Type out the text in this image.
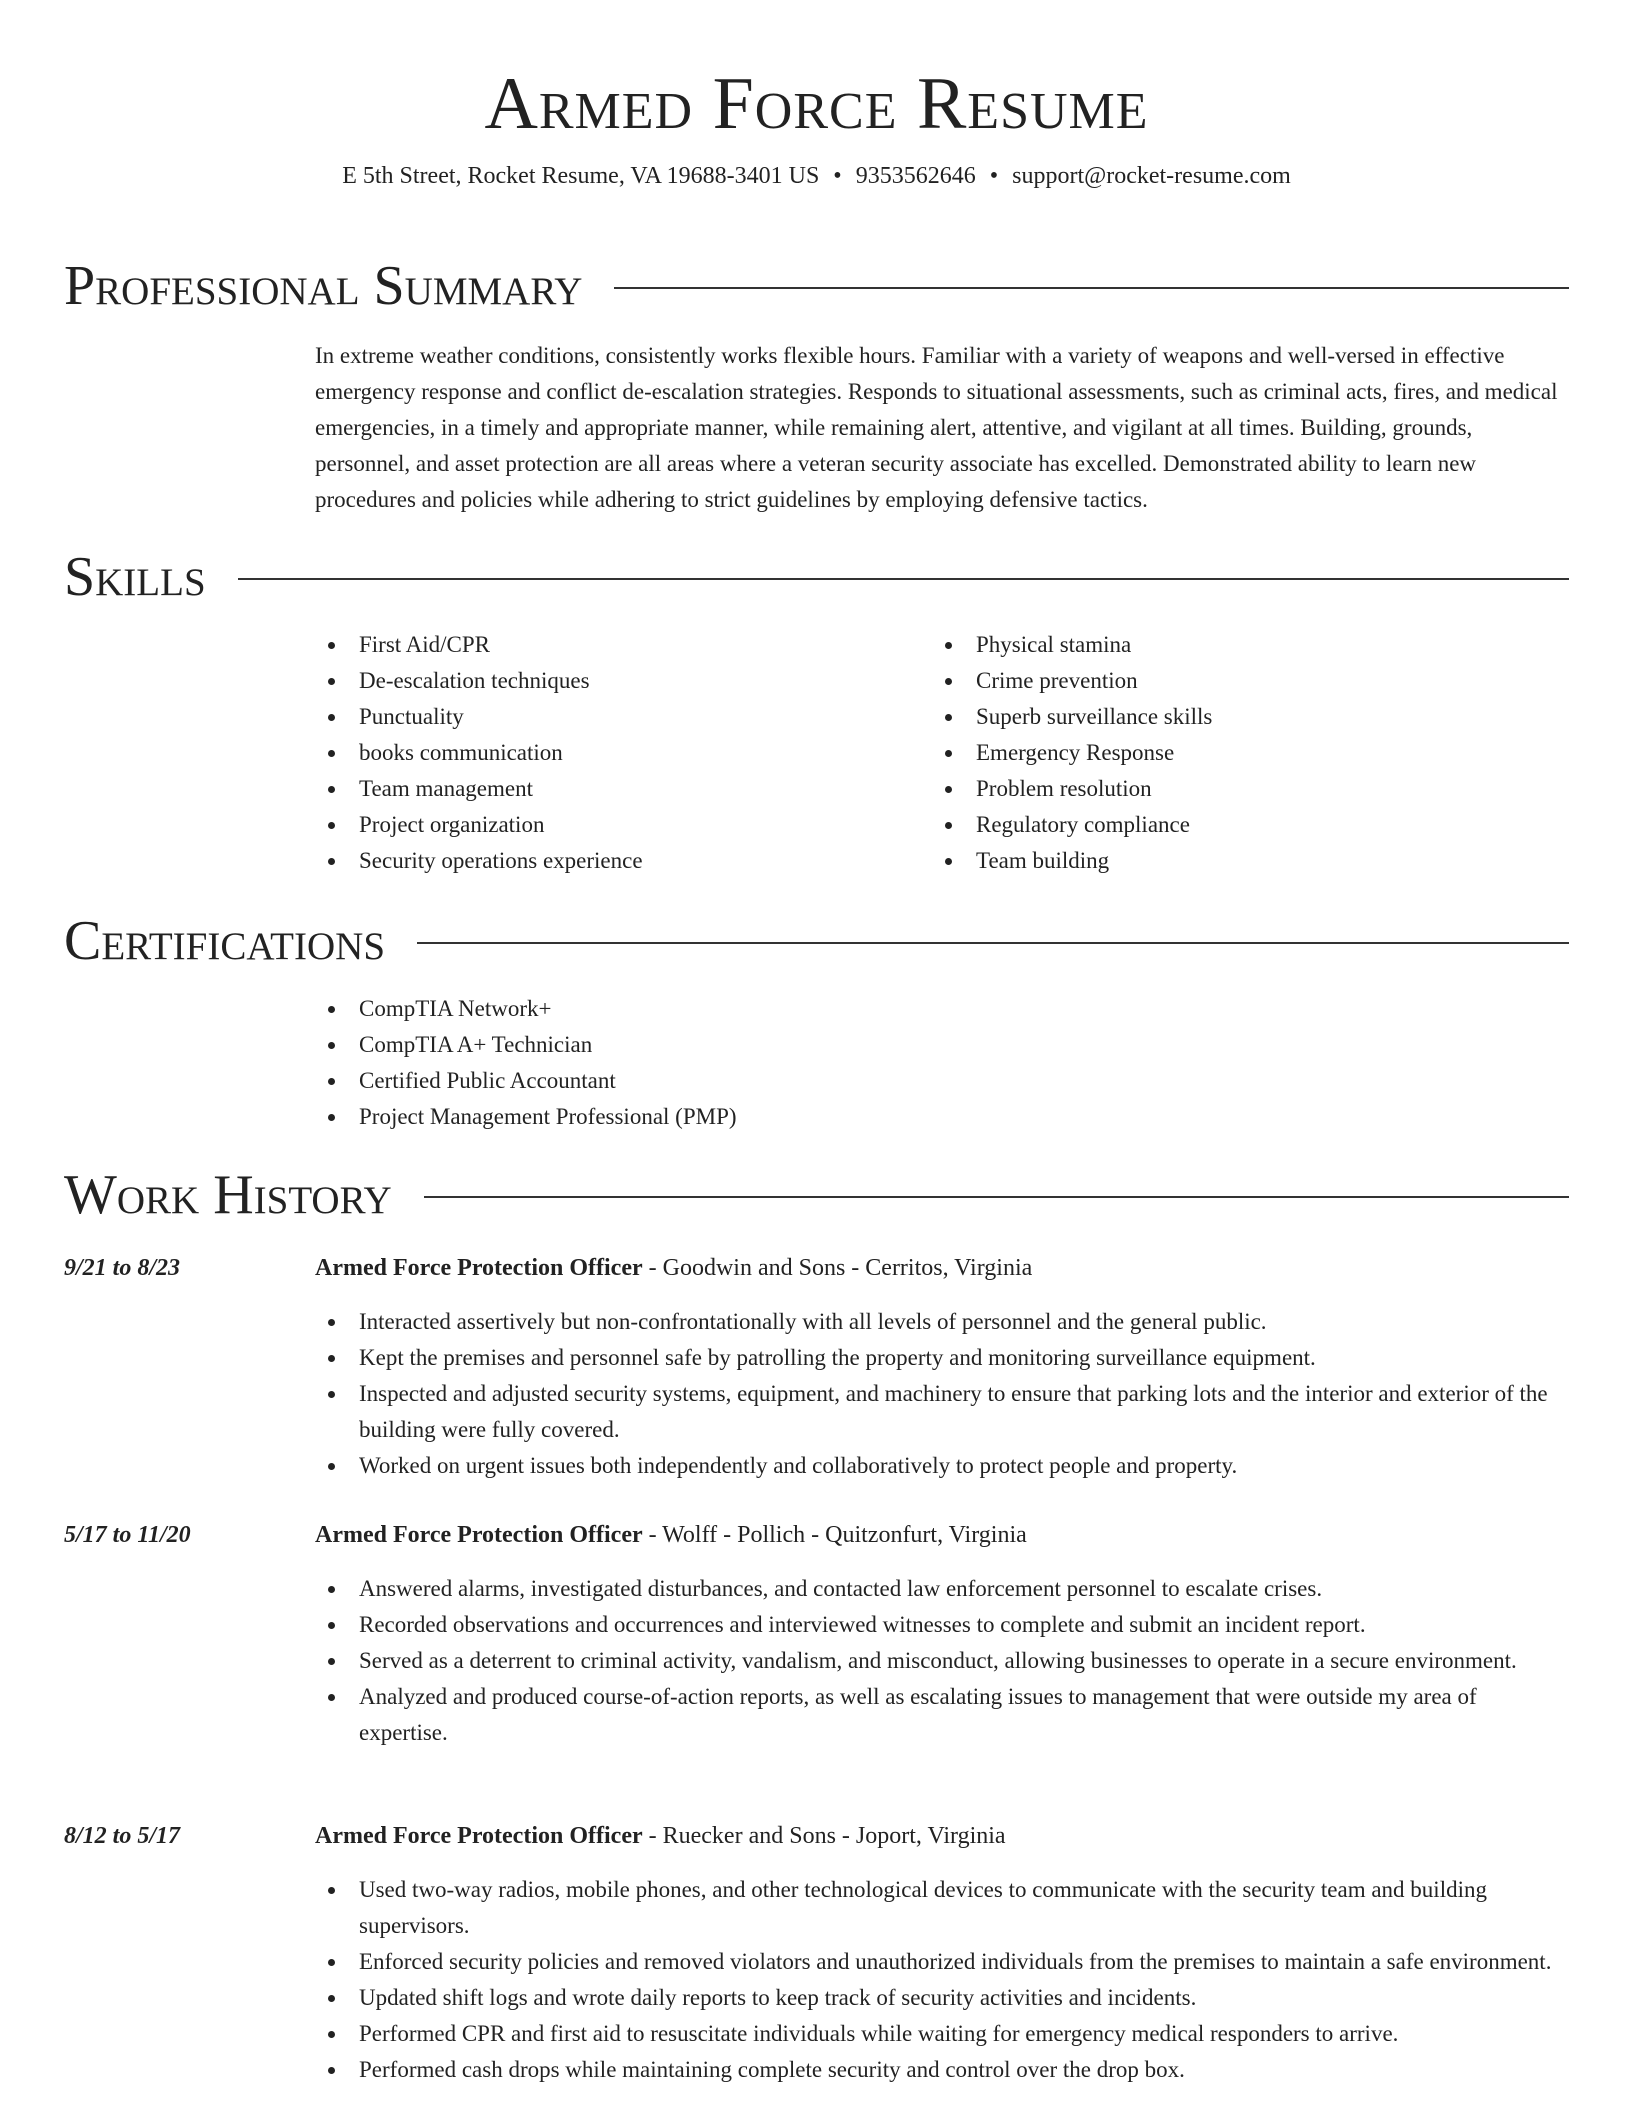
Armed Force Resume
E 5th Street, Rocket Resume, VA 19688-3401 US • 9353562646 • support@rocket-resume.com
Professional Summary

In extreme weather conditions, consistently works flexible hours. Familiar with a variety of weapons and well-versed in effective emergency response and conflict de-escalation strategies. Responds to situational assessments, such as criminal acts, fires, and medical emergencies, in a timely and appropriate manner, while remaining alert, attentive, and vigilant at all times. Building, grounds, personnel, and asset protection are all areas where a veteran security associate has excelled. Demonstrated ability to learn new procedures and policies while adhering to strict guidelines by employing defensive tactics.

Skills
First Aid/CPR
De-escalation techniques
Punctuality
books communication
Team management
Project organization
Security operations experience
Physical stamina
Crime prevention
Superb surveillance skills
Emergency Response
Problem resolution
Regulatory compliance
Team building
Certifications
CompTIA Network+
CompTIA A+ Technician
Certified Public Accountant
Project Management Professional (PMP)
Work History
9/21 to 8/23	Armed Force Protection Officer - Goodwin and Sons - Cerritos, Virginia
Interacted assertively but non-confrontationally with all levels of personnel and the general public.
Kept the premises and personnel safe by patrolling the property and monitoring surveillance equipment.
Inspected and adjusted security systems, equipment, and machinery to ensure that parking lots and the interior and exterior of the building were fully covered.
Worked on urgent issues both independently and collaboratively to protect people and property.
5/17 to 11/20	Armed Force Protection Officer - Wolff - Pollich - Quitzonfurt, Virginia
Answered alarms, investigated disturbances, and contacted law enforcement personnel to escalate crises.
Recorded observations and occurrences and interviewed witnesses to complete and submit an incident report.
Served as a deterrent to criminal activity, vandalism, and misconduct, allowing businesses to operate in a secure environment.
Analyzed and produced course-of-action reports, as well as escalating issues to management that were outside my area of expertise.
8/12 to 5/17	Armed Force Protection Officer - Ruecker and Sons - Joport, Virginia
Used two-way radios, mobile phones, and other technological devices to communicate with the security team and building supervisors.
Enforced security policies and removed violators and unauthorized individuals from the premises to maintain a safe environment.
Updated shift logs and wrote daily reports to keep track of security activities and incidents.
Performed CPR and first aid to resuscitate individuals while waiting for emergency medical responders to arrive.
Performed cash drops while maintaining complete security and control over the drop box.
